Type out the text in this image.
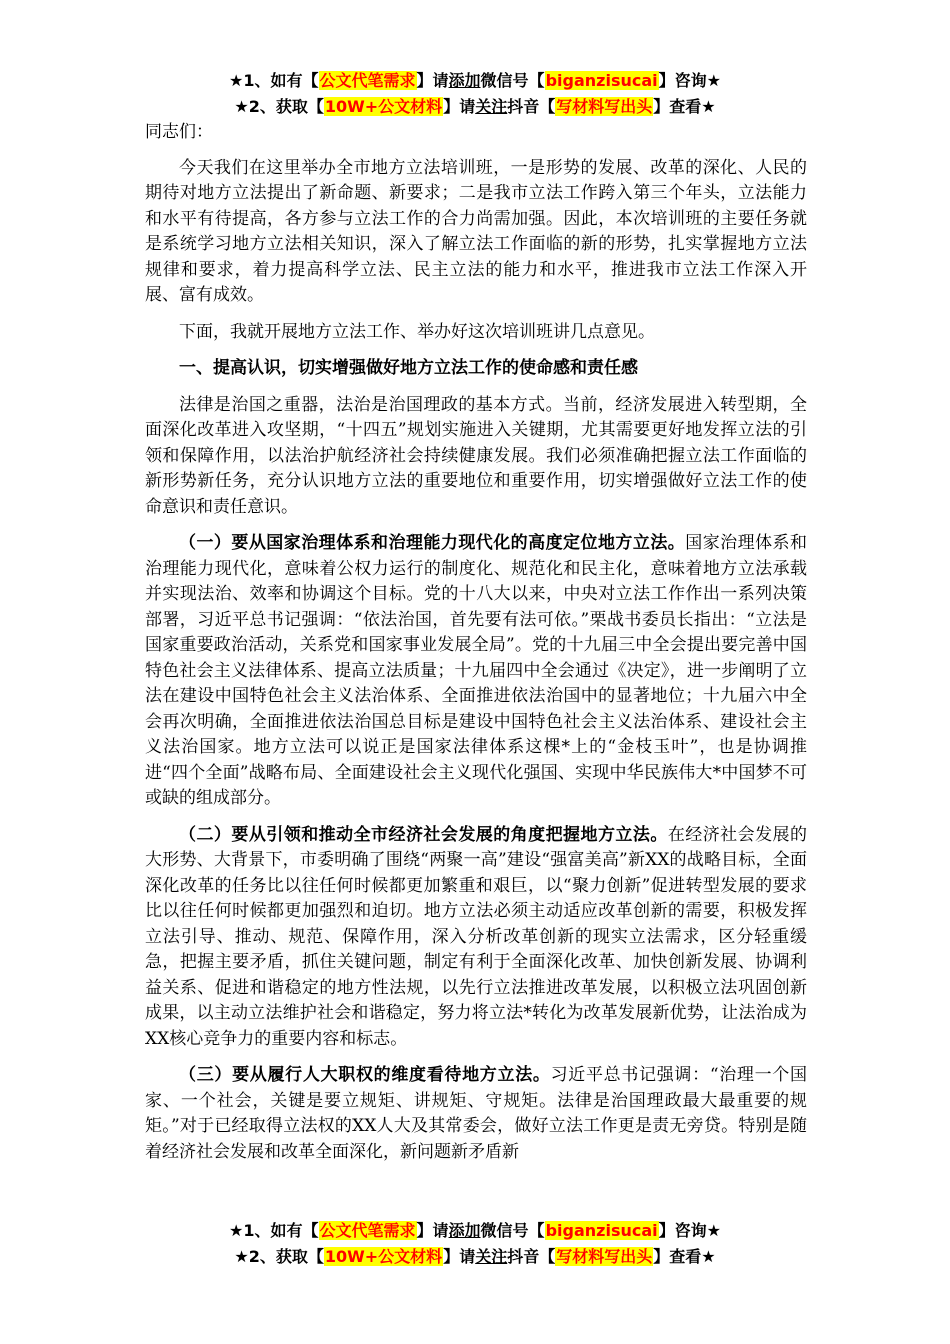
★1、如有【公文代笔需求】请添加微信号【biganzisucai】咨询★
★2、获取【10W+公文材料】请关注抖音【写材料写出头】查看★

同志们：

今天我们在这里举办全市地方立法培训班，一是形势的发展、改革的深化、人民的期待对地方立法提出了新命题、新要求；二是我市立法工作跨入第三个年头，立法能力和水平有待提高，各方参与立法工作的合力尚需加强。因此，本次培训班的主要任务就是系统学习地方立法相关知识，深入了解立法工作面临的新的形势，扎实掌握地方立法规律和要求，着力提高科学立法、民主立法的能力和水平，推进我市立法工作深入开展、富有成效。

下面，我就开展地方立法工作、举办好这次培训班讲几点意见。

一、提高认识，切实增强做好地方立法工作的使命感和责任感

法律是治国之重器，法治是治国理政的基本方式。当前，经济发展进入转型期，全面深化改革进入攻坚期，“十四五”规划实施进入关键期，尤其需要更好地发挥立法的引领和保障作用，以法治护航经济社会持续健康发展。我们必须准确把握立法工作面临的新形势新任务，充分认识地方立法的重要地位和重要作用，切实增强做好立法工作的使命意识和责任意识。

（一）要从国家治理体系和治理能力现代化的高度定位地方立法。国家治理体系和治理能力现代化，意味着公权力运行的制度化、规范化和民主化，意味着地方立法承载并实现法治、效率和协调这个目标。党的十八大以来，中央对立法工作作出一系列决策部署，习近平总书记强调：“依法治国，首先要有法可依。”栗战书委员长指出：“立法是国家重要政治活动，关系党和国家事业发展全局”。党的十九届三中全会提出要完善中国特色社会主义法律体系、提高立法质量；十九届四中全会通过《决定》，进一步阐明了立法在建设中国特色社会主义法治体系、全面推进依法治国中的显著地位；十九届六中全会再次明确，全面推进依法治国总目标是建设中国特色社会主义法治体系、建设社会主义法治国家。地方立法可以说正是国家法律体系这棵*上的“金枝玉叶”，也是协调推进“四个全面”战略布局、全面建设社会主义现代化强国、实现中华民族伟大*中国梦不可或缺的组成部分。

（二）要从引领和推动全市经济社会发展的角度把握地方立法。在经济社会发展的大形势、大背景下，市委明确了围绕“两聚一高”建设“强富美高”新XX的战略目标，全面深化改革的任务比以往任何时候都更加繁重和艰巨，以“聚力创新”促进转型发展的要求比以往任何时候都更加强烈和迫切。地方立法必须主动适应改革创新的需要，积极发挥立法引导、推动、规范、保障作用，深入分析改革创新的现实立法需求，区分轻重缓急，把握主要矛盾，抓住关键问题，制定有利于全面深化改革、加快创新发展、协调利益关系、促进和谐稳定的地方性法规，以先行立法推进改革发展，以积极立法巩固创新成果，以主动立法维护社会和谐稳定，努力将立法*转化为改革发展新优势，让法治成为XX核心竞争力的重要内容和标志。

（三）要从履行人大职权的维度看待地方立法。习近平总书记强调：“治理一个国家、一个社会，关键是要立规矩、讲规矩、守规矩。法律是治国理政最大最重要的规矩。”对于已经取得立法权的XX人大及其常委会，做好立法工作更是责无旁贷。特别是随着经济社会发展和改革全面深化，新问题新矛盾新

★1、如有【公文代笔需求】请添加微信号【biganzisucai】咨询★
★2、获取【10W+公文材料】请关注抖音【写材料写出头】查看★
